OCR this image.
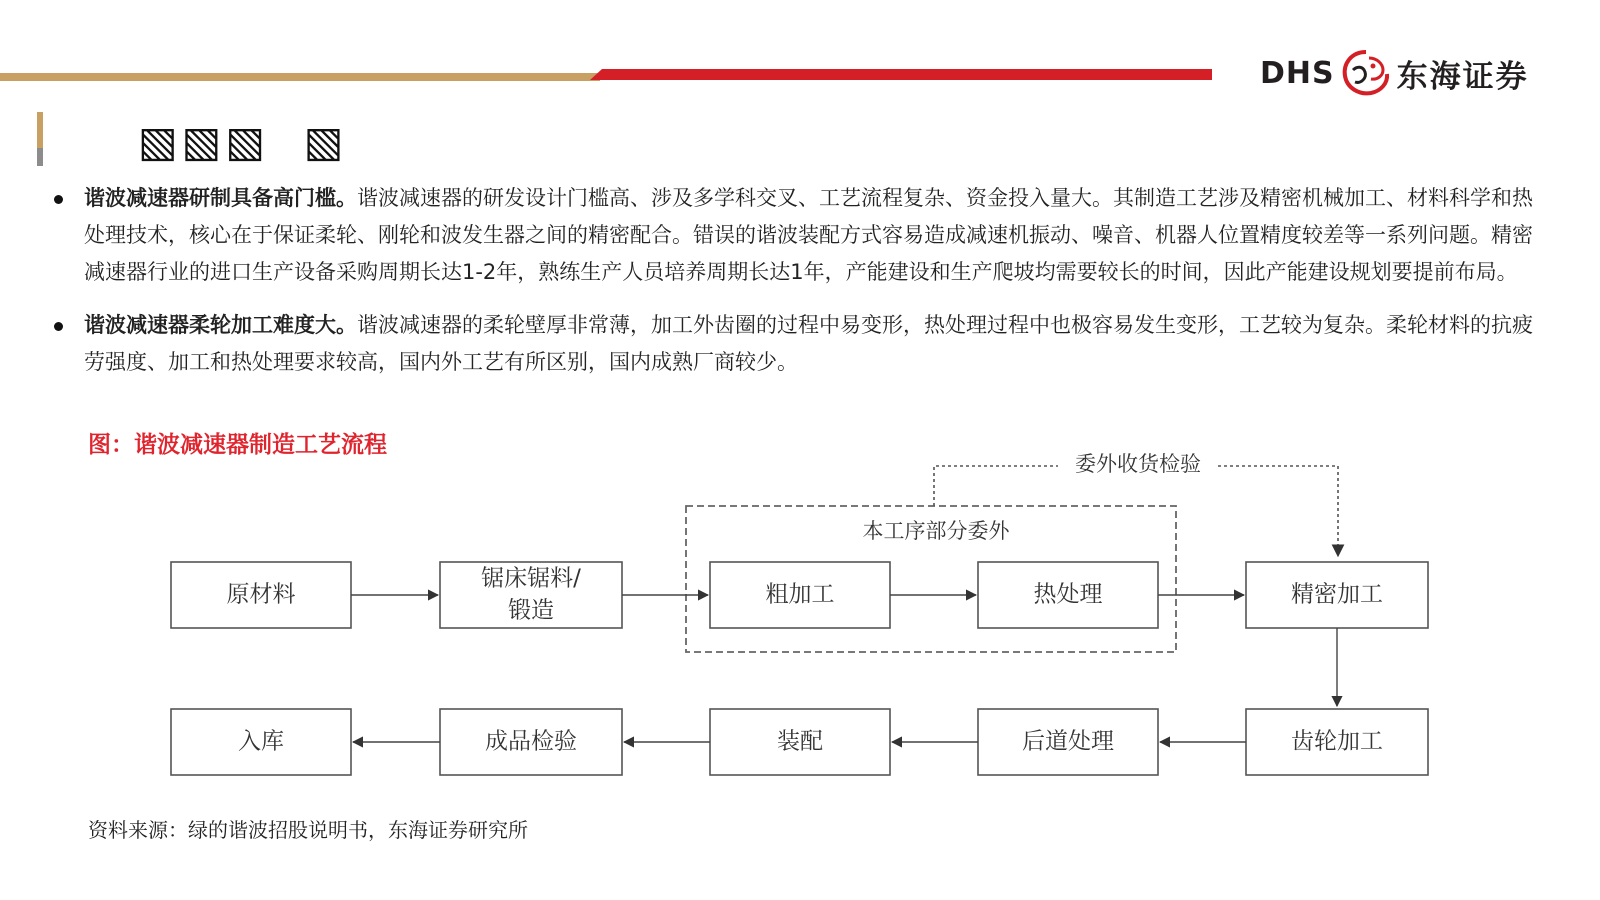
DHS 东海证券
▧▧▧  ▧
谐波减速器研制具备高门槛。谐波减速器的研发设计门槛高、涉及多学科交叉、工艺流程复杂、资金投入量大。其制造工艺涉及精密机械加工、材料科学和热处理技术，核心在于保证柔轮、刚轮和波发生器之间的精密配合。错误的谐波装配方式容易造成减速机振动、噪音、机器人位置精度较差等一系列问题。精密减速器行业的进口生产设备采购周期长达1-2年，熟练生产人员培养周期长达1年，产能建设和生产爬坡均需要较长的时间，因此产能建设规划要提前布局。
谐波减速器柔轮加工难度大。谐波减速器的柔轮壁厚非常薄，加工外齿圈的过程中易变形，热处理过程中也极容易发生变形，工艺较为复杂。柔轮材料的抗疲劳强度、加工和热处理要求较高，国内外工艺有所区别，国内成熟厂商较少。
图：谐波减速器制造工艺流程
本工序部分委外
委外收货检验
原材料
锯床锯料/
锻造
粗加工	热处理	精密加工
入库	成品检验	装配	后道处理	齿轮加工
资料来源：绿的谐波招股说明书，东海证券研究所
